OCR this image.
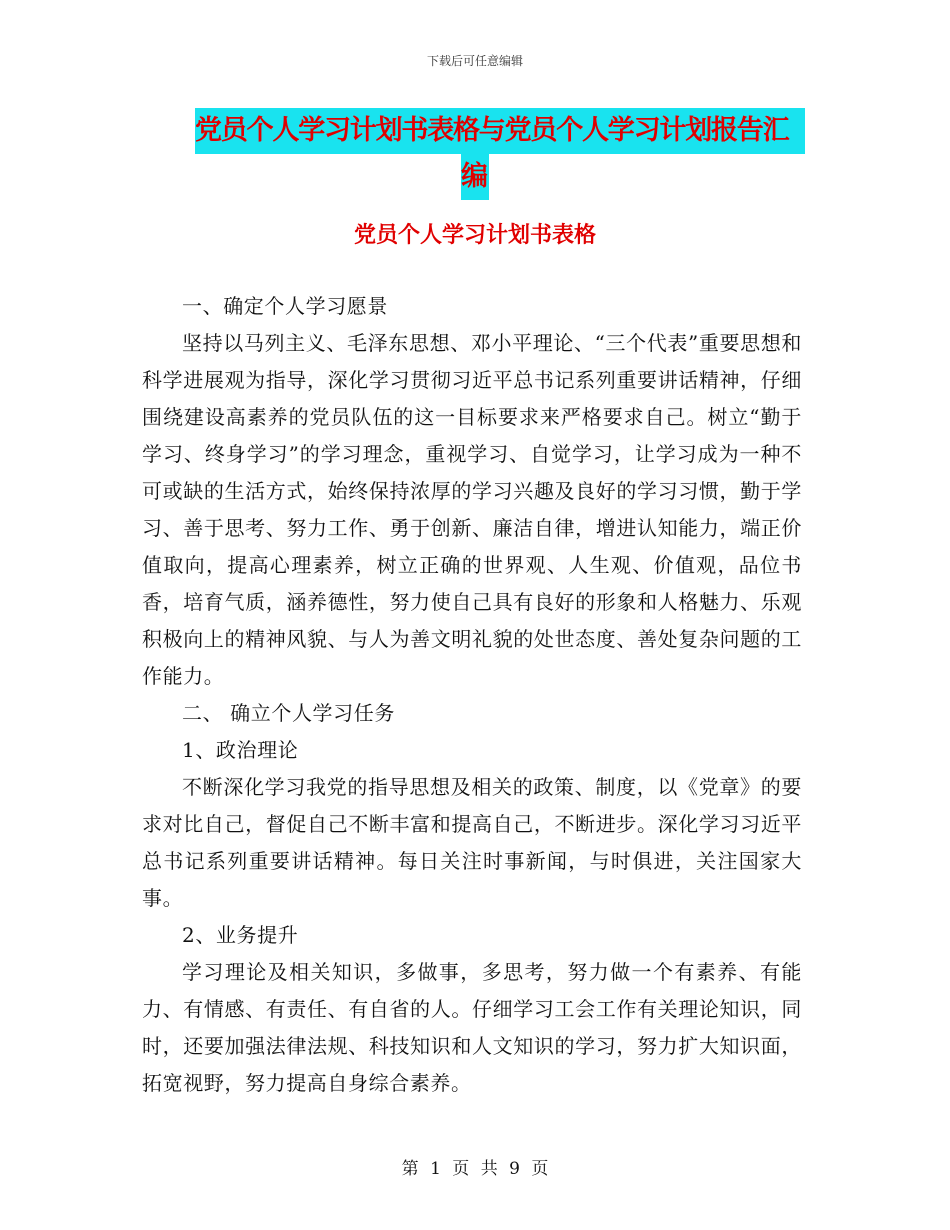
下载后可任意编辑
党员个人学习计划书表格与党员个人学习计划报告汇
编
党员个人学习计划书表格

一、确定个人学习愿景

坚持以马列主义、毛泽东思想、邓小平理论、“三个代表”重要思想和科学进展观为指导，深化学习贯彻习近平总书记系列重要讲话精神，仔细围绕建设高素养的党员队伍的这一目标要求来严格要求自己。树立“勤于学习、终身学习”的学习理念，重视学习、自觉学习，让学习成为一种不可或缺的生活方式，始终保持浓厚的学习兴趣及良好的学习习惯，勤于学习、善于思考、努力工作、勇于创新、廉洁自律，增进认知能力，端正价值取向，提高心理素养，树立正确的世界观、人生观、价值观，品位书香，培育气质，涵养德性，努力使自己具有良好的形象和人格魅力、乐观积极向上的精神风貌、与人为善文明礼貌的处世态度、善处复杂问题的工作能力。

二、 确立个人学习任务

1、政治理论

不断深化学习我党的指导思想及相关的政策、制度，以《党章》的要求对比自己，督促自己不断丰富和提高自己，不断进步。深化学习习近平总书记系列重要讲话精神。每日关注时事新闻，与时俱进，关注国家大事。

2、业务提升

学习理论及相关知识，多做事，多思考，努力做一个有素养、有能力、有情感、有责任、有自省的人。仔细学习工会工作有关理论知识，同时，还要加强法律法规、科技知识和人文知识的学习，努力扩大知识面，拓宽视野，努力提高自身综合素养。

第 1 页 共 9 页
